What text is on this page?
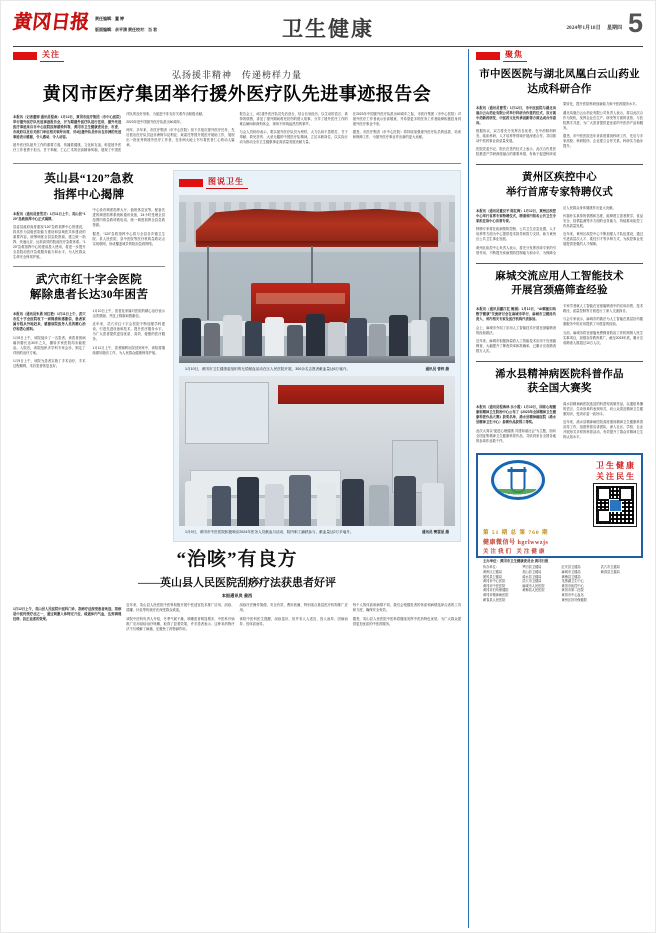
黄冈日报 责任编辑：董 婷
版面编辑：余平清 责任校对：当 君	卫生健康	2024年1月18日 星期四 5
关注
弘扬援非精神　传递榜样力量
黄冈市医疗集团举行援外医疗队先进事迹报告会

本报讯（记者董婷 通讯员程曲）1月12日，黄冈市医疗集团（市中心医院）举行援外医疗队先进事迹报告会，开为期援外医疗队进行宣讲，援外先进医疗事迹来自市中心医院医师感染科等，黄冈市卫生健康委员会、市委、市政府以及有关部门单位相关领导出席，对4位援外队员作出在非洲的先进事迹表示感谢，令人感动、令人动容。

援外医疗队援外工作的重要方面，传播着健康、文化和友谊，彰显援外医疗工作者勇于担当、甘于奉献、仁心仁术的崇高精神风貌，展现了中国医疗队的良好形象，为促进中非友好关系作出积极贡献。

2023年是中国援外医疗队派出60周年。

两年、多年来，市医疗集团（市中心医院）担下多批次援外医疗任务，先后派出医疗队员赴非洲阿尔及利亚、莱索托等国开展医疗援助工作，展现出一批优秀的援外医疗工作者，在非洲大地上书写着医者仁心的动人篇章。

报告会上，4位援外医疗队员先后登台，结合自身经历，以生动的语言、真挚的情感，讲述了援外期间救死扶伤的感人故事，分享了援外医疗工作的难忘瞬间和深刻体会，现场不时响起热烈的掌声。

与会人员纷纷表示，要以援外医疗队员为榜样，大力弘扬不畏艰苦、甘于奉献、救死扶伤、大爱无疆的中国医疗队精神，立足本职岗位，以实际行动为推动全市卫生健康事业高质量发展贡献力量。

在2023年中国援外医疗队派出60周年之际，市医疗集团（市中心医院）对援外医疗工作者表示崇高敬意，并希望更多的医务工作者能够积极投身到援外医疗事业中来。

据悉，市医疗集团（市中心医院）将持续加强援外医疗队员的选拔、培训和保障工作，为援外医疗事业作出新的更大贡献。

英山县“120”急救
指挥中心揭牌

本报讯（通讯员姜雪芬）1月11日上午，英山县“120”急救指挥中心正式揭牌。

县委县政府高度重视“120”急救指挥中心的建设，将其作为县级医院能力建设和县域医共体建设的重要内容，统筹调度全县急救资源，建立统一指挥、快速反应、运转高效的院前医疗急救体系。“120”急救指挥中心的建成投入使用，将进一步提升全县院前医疗急救服务能力和水平，为人民群众生命安全保驾护航。

中心设有调度指挥大厅、值班休息室等，配备先进的调度指挥系统和通讯设备，24小时受理全县范围内的急救呼救电话，统一调度指挥全县急救资源。

据悉，“120”急救指挥中心将与全县各乡镇卫生院、县人民医院、县中医院等医疗机构急救站点实现联网，形成覆盖城乡的院前急救网络。

武穴市红十字会医院
解除患者长达30年困苦

本报讯（通讯员朱勇 刘红艳）1月11日上午，武穴市红十字会医院收下一面锦旗和感谢信，患者家属专程从外地赶来，感谢该院医务人员的精心治疗和悉心照料。

1月8日上午，该院接诊了一名患者，该患者被病痛折磨长达30年之久，辗转多家医院均未能根治。入院后，该院组织多学科专家会诊，制定了详细的治疗方案。

1月9日上午，该院为患者实施了手术治疗，手术过程顺利，术后患者恢复良好。

1月10日上午，患者及家属对医院的精心治疗表示由衷感谢，并送上锦旗和感谢信。

近年来，武穴市红十字会医院不断加强学科建设，引进先进设备和技术，提升医疗服务水平，为广大患者提供更加优质、高效、便捷的医疗服务。

1月11日上午，患者顺利出院回到家中，该院将继续做好随访工作，为人民群众健康保驾护航。

图说卫生
通讯员 曾梓 摄
1月10日，黄冈市卫生健康委组织的无偿献血活动在区人民医院开展，300余名志愿者献血量达6万毫升。
通讯员 樊雷星 摄
1月9日，黄冈市中医医院积极响应2024年医务人员献血月活动，院内职工踊跃参与，献血量达2万多毫升。
“治咳”有良方
——英山县人民医院刮痧疗法获患者好评
本报通讯员 姜西

1月12日上午，英山县人民医院中医科门诊，刮痧疗法深受患者欢迎。刮痧是中医传统疗法之一，通过刺激人体特定穴位，疏通体内气血，达到调理经络、扶正祛邪的效果。

近年来，英山县人民医院中医科积极开展中医适宜技术推广应用，刮痧、拔罐、针灸等传统疗法深受群众欢迎。

该院中医科负责人介绍，冬季气候干燥，咳嗽患者明显增多，中医科开始推广应用刮痧治疗咳嗽，取得了显著效果，许多患者表示，这种非药物疗法不仅缓解了病痛，还避免了药物副作用。

刮痧疗法操作简便、安全有效、费用低廉，特别适合基层医疗机构推广应用。

该院中医科医生提醒，刮痧虽好，但并非人人适宜，因人而异、因病而异、因体质而异。

每个人的体质和病情不同，我们会根据患者的体质和病情选择合适的工具和力度，确保安全有效。

据悉，英山县人民医院中医科将继续发挥中医药特色优势，为广大群众提供更加优质的中医药服务。

聚焦
市中医医院与湖北凤凰白云山药业
达成科研合作

本报讯（通讯员曹雪）1月12日，市中医医院与湖北凤凰白云山药业有限公司举行科研合作签约仪式，双方就中药新药研发、中医药文化传承创新等方面达成合作意向。

根据协议，双方将充分发挥各自优势，在中药制剂研发、临床科研、人才培养等领域开展深度合作，共同推动中医药事业高质量发展。

医院党委书记、院长在签约仪式上表示，此次合作是医院推进产学研深度融合的重要举措，有助于促进科研成果转化，提升医院科研创新能力和中医药服务水平。

湖北凤凰白云山药业有限公司负责人表示，将以此次合作为契机，发挥企业在生产、研发等方面的优势，与医院携手共进，为广大患者提供更优质的中医药产品和服务。

据悉，市中医医院近年来高度重视科研工作，先后与多家高校、科研院所、企业建立合作关系，科研实力稳步提升。

黄州区疾控中心
举行首席专家特聘仪式

本报讯（通讯员董汉平 陈红梅）1月12日，黄州区疾控中心举行首席专家特聘仪式，聘请省内知名公共卫生专家担任该中心首席专家。

特聘专家将在疾病预防控制、公共卫生应急处置、人才培养等方面为中心提供技术指导和智力支持，助力黄州区公共卫生事业发展。

黄州区疾控中心负责人表示，将充分发挥首席专家的引领作用，不断提升疾病预防控制能力和水平，为保障全区人民群众身体健康作出更大贡献。

怀揣朴实真挚的情感和态度，能够建立患者教学、食品安全、疫情监测等多方面的业务能力，持续推动疾控工作高质量发展。

近年来，黄州区疾控中心不断加强人才队伍建设，通过引进高层次人才、柔性引才等多种方式，为疾控事业发展提供坚强的人才保障。

麻城交流应用人工智能技术
开展宫颈癌筛查经验

本报讯（通讯员戴江红 鲍娟）1月12日，“AI赋能妇幼数字健康”交流研讨会在麻城市举行，麻城市卫健局负责人、省内相关专家及医疗机构代表参加。

会上，麻城市介绍了应用人工智能技术开展宫颈癌筛查的经验做法。

近年来，麻城市积极探索将人工智能技术应用于宫颈癌筛查，大幅提升了筛查效率和准确率，已累计完成筛查数万人次。

专家学者就人工智能在宫颈癌筛查中的应用前景、技术路径、质量控制等方面进行了深入交流探讨。

与会专家表示，麻城市的做法为人工智能在基层妇幼健康服务中的应用提供了可借鉴的经验。

当前，麻城市将宫颈癌免费筛查防治工作机制纳入民生实事项目，加强宣传教育推广，截至2023年底，累计完成筛查人数超过10万人次。

浠水县精神病医院科普作品
获全国大赛奖

本报讯（通讯员程海林 乐小霞）1月10日，国家心理健康和精神卫生防治中心公布了《2023年全国精神卫生健康科普作品大赛》获奖名单，浠水县精神病医院（浠水县精神卫生中心）参赛作品获得三等奖。

此次大赛以“促进心理健康 共建和谐社会”为主题，面向全国征集精神卫生健康科普作品，共收到来自全国各地的参赛作品数千件。

浠水县精神病医院选送的科普短视频作品，以通俗易懂的语言、生动形象的表现形式，向公众普及精神卫生健康知识，受到评委一致好评。

近年来，浠水县精神病医院高度重视精神卫生健康科普宣传工作，组建科普宣讲团队，深入社区、学校、企业开展形式多样的科普活动，有效提升了群众对精神卫生的认知水平。

卫生健康
关注民生
第 51 期 总 第 760 期
健康微信号 hgrlwwzjs
关注我们 关注健康
主办单位：黄冈市卫生健康委员会 黄冈日报
协办单位：
黄州区卫健局
团风县卫健局
黄冈市中心医院
黄冈市中医医院
黄冈市妇幼保健院
黄冈市精神病医院
蕲春县人民医院
罗田县卫健局
英山县卫健局
浠水县卫健局
武穴市卫健局
麻城市人民医院
黄梅县人民医院
红安县卫健局
麻城市卫健局
黄梅县卫健局
龙感湖卫生中心
黄冈市疾控中心
黄冈市第二医院
黄冈市中心血站
黄州区妇幼保健院
武穴市卫健局
蕲春县卫健局
